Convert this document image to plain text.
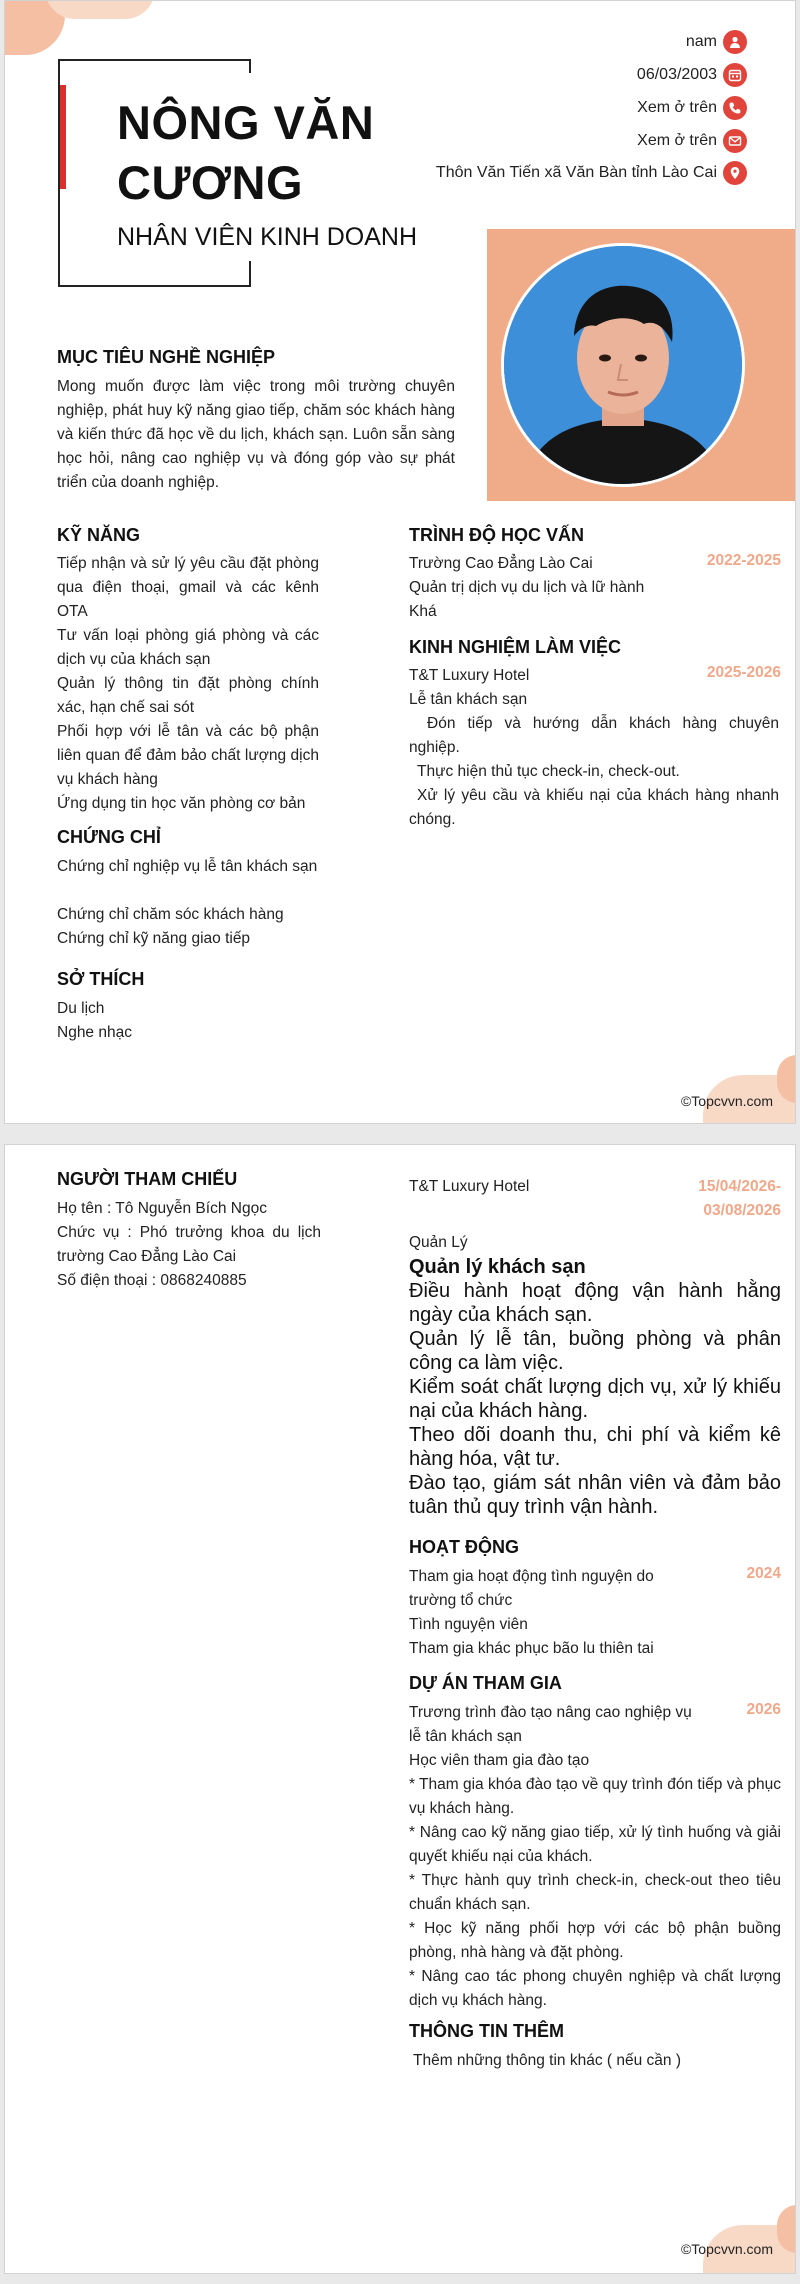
NÔNG VĂN CƯƠNG
NHÂN VIÊN KINH DOANH
nam
06/03/2003
Xem ở trên
Xem ở trên
Thôn Văn Tiến xã Văn Bàn tỉnh Lào Cai
MỤC TIÊU NGHỀ NGHIỆP
Mong muốn được làm việc trong môi trường chuyên nghiệp, phát huy kỹ năng giao tiếp, chăm sóc khách hàng và kiến thức đã học về du lịch, khách sạn. Luôn sẵn sàng học hỏi, nâng cao nghiệp vụ và đóng góp vào sự phát triển của doanh nghiệp.
KỸ NĂNG
Tiếp nhận và sử lý yêu cầu đặt phòng qua điện thoại, gmail và các kênh OTA
Tư vấn loại phòng giá phòng và các dịch vụ của khách sạn
Quản lý thông tin đặt phòng chính xác, hạn chế sai sót
Phối hợp với lễ tân và các bộ phận liên quan để đảm bảo chất lượng dịch vụ khách hàng
Ứng dụng tin học văn phòng cơ bản
CHỨNG CHỈ
Chứng chỉ nghiệp vụ lễ tân khách sạn
Chứng chỉ chăm sóc khách hàng
Chứng chỉ kỹ năng giao tiếp
SỞ THÍCH
Du lịch
Nghe nhạc
TRÌNH ĐỘ HỌC VẤN
Trường Cao Đẳng Lào Cai	2022-2025
Quản trị dịch vụ du lịch và lữ hành
Khá
KINH NGHIỆM LÀM VIỆC
T&T Luxury Hotel	2025-2026
Lễ tân khách sạn
Đón tiếp và hướng dẫn khách hàng chuyên nghiệp.
Thực hiện thủ tục check-in, check-out.
Xử lý yêu cầu và khiếu nại của khách hàng nhanh chóng.
©Topcvvn.com
NGƯỜI THAM CHIẾU
Họ tên : Tô Nguyễn Bích Ngọc
Chức vụ : Phó trưởng khoa du lịch trường Cao Đẳng Lào Cai
Số điện thoại : 0868240885
T&T Luxury Hotel	15/04/2026-03/08/2026
Quản Lý
Quản lý khách sạn
Điều hành hoạt động vận hành hằng ngày của khách sạn.
Quản lý lễ tân, buồng phòng và phân công ca làm việc.
Kiểm soát chất lượng dịch vụ, xử lý khiếu nại của khách hàng.
Theo dõi doanh thu, chi phí và kiểm kê hàng hóa, vật tư.
Đào tạo, giám sát nhân viên và đảm bảo tuân thủ quy trình vận hành.
HOẠT ĐỘNG
Tham gia hoạt động tình nguyện do trường tổ chức
2024
Tình nguyện viên
Tham gia khác phục bão lu thiên tai
DỰ ÁN THAM GIA
Trương trình đào tạo nâng cao nghiệp vụ lễ tân khách sạn
2026
Học viên tham gia đào tạo
* Tham gia khóa đào tạo về quy trình đón tiếp và phục vụ khách hàng.
* Nâng cao kỹ năng giao tiếp, xử lý tình huống và giải quyết khiếu nại của khách.
* Thực hành quy trình check-in, check-out theo tiêu chuẩn khách sạn.
* Học kỹ năng phối hợp với các bộ phận buồng phòng, nhà hàng và đặt phòng.
* Nâng cao tác phong chuyên nghiệp và chất lượng dịch vụ khách hàng.
THÔNG TIN THÊM
Thêm những thông tin khác ( nếu cần )
©Topcvvn.com
